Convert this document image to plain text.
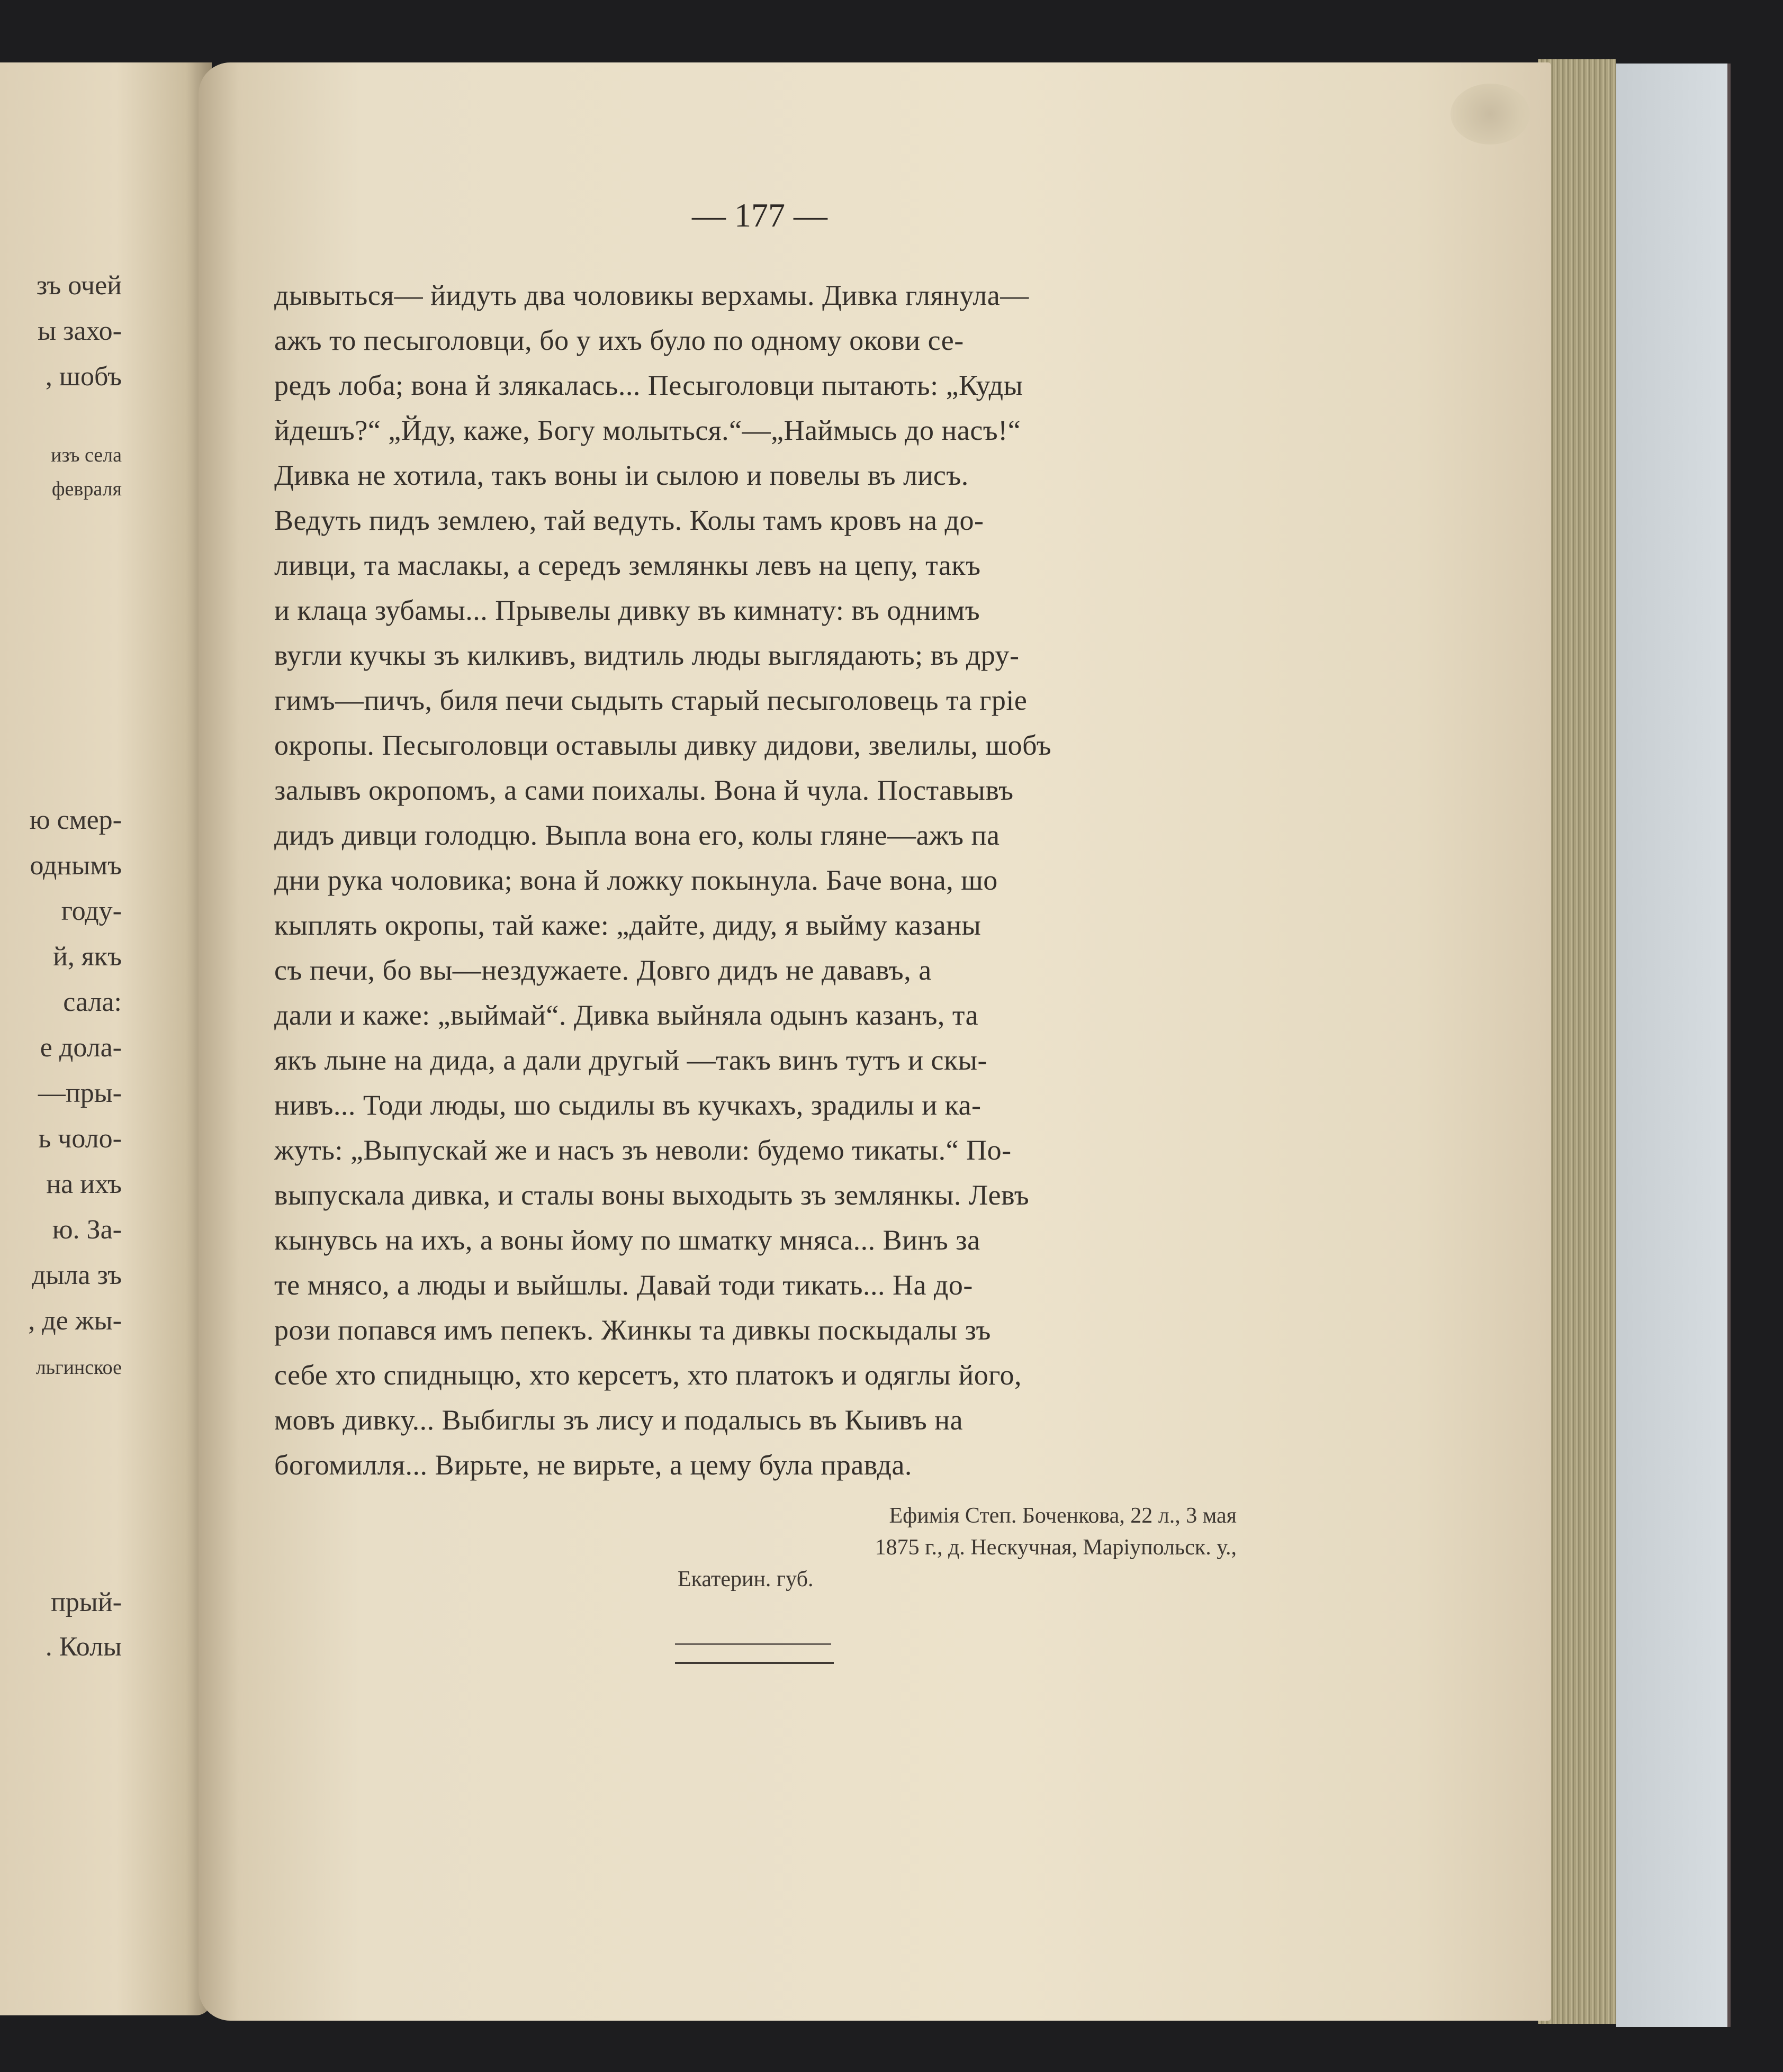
зъ очей
ы захо-
, шобъ
изъ села
февраля
ю смер-
однымъ
году-
й, якъ
сала:
е дола-
—пры-
ь чоло-
на ихъ
ю. За-
дыла зъ
, де жы-
льгинское
прый-
. Колы
— 177 —
дывыться— йидуть два чоловикы верхамы. Дивка глянула—
ажъ то песыголовци, бо у ихъ було по одному окови се-
редъ лоба; вона й злякалась... Песыголовци пытають: „Куды
йдешъ?“ „Йду, каже, Богу молыться.“—„Наймысь до насъ!“
Дивка не хотила, такъ воны iи сылою и повелы въ лисъ.
Ведуть пидъ землею, тай ведуть. Колы тамъ кровъ на до-
ливци, та маслакы, а середъ землянкы левъ на цепу, такъ
и клаца зубамы... Прывелы дивку въ кимнату: въ однимъ
вугли кучкы зъ килкивъ, видтиль люды выглядають; въ дру-
гимъ—пичъ, биля печи сыдыть старый песыголовець та грiе
окропы. Песыголовци оставылы дивку дидови, звелилы, шобъ
залывъ окропомъ, а сами поихалы. Вона й чула. Поставывъ
дидъ дивци голодцю. Выпла вона его, колы гляне—ажъ па
дни рука чоловика; вона й ложку покынула. Баче вона, шо
кыплять окропы, тай каже: „дайте, диду, я выйму казаны
съ печи, бо вы—нездужаете. Довго дидъ не дававъ, а
дали и каже: „выймай“. Дивка выйняла одынъ казанъ, та
якъ лыне на дида, а дали другый —такъ винъ тутъ и скы-
нивъ... Тоди люды, шо сыдилы въ кучкахъ, зрадилы и ка-
жуть: „Выпускай же и насъ зъ неволи: будемо тикаты.“ По-
выпускала дивка, и сталы воны выходыть зъ землянкы. Левъ
кынувсь на ихъ, а воны йому по шматку мняса... Винъ за
те мнясо, а люды и выйшлы. Давай тоди тикать... На до-
рози попався имъ пепекъ. Жинкы та дивкы поскыдалы зъ
себе хто спидныцю, хто керсетъ, хто платокъ и одяглы його,
мовъ дивку... Выбиглы зъ лису и подалысь въ Кыивъ на
богомилля... Вирьте, не вирьте, а цему була правда.
Ефимiя Степ. Боченкова, 22 л., 3 мая
1875 г., д. Нескучная, Марiупольск. у.,
Екатерин. губ.
